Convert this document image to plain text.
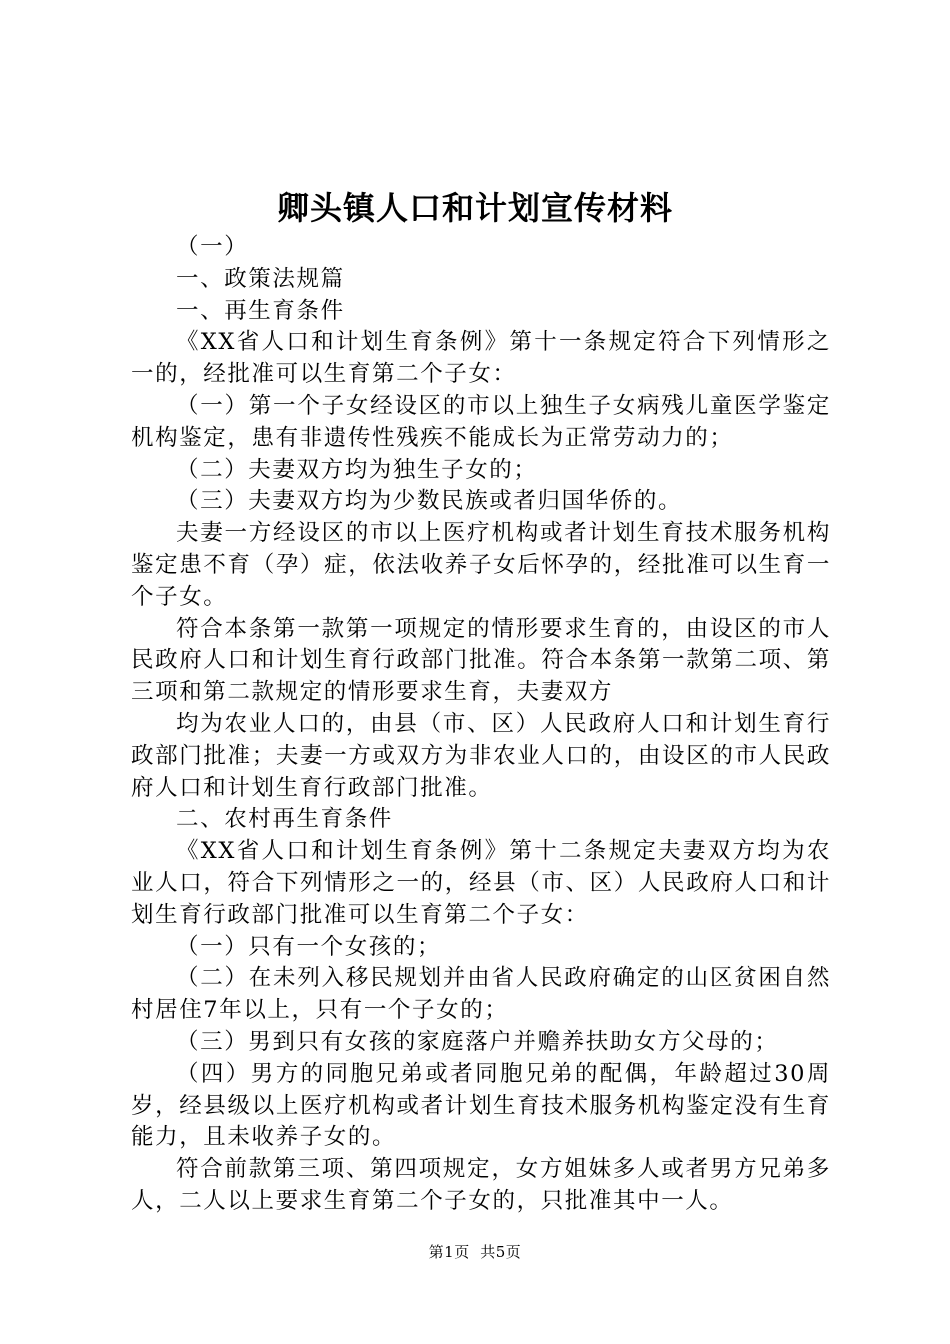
卿头镇人口和计划宣传材料

（一）

一、政策法规篇

一、再生育条件

《XX省人口和计划生育条例》第十一条规定符合下列情形之一的，经批准可以生育第二个子女：

（一）第一个子女经设区的市以上独生子女病残儿童医学鉴定机构鉴定，患有非遗传性残疾不能成长为正常劳动力的；

（二）夫妻双方均为独生子女的；

（三）夫妻双方均为少数民族或者归国华侨的。

夫妻一方经设区的市以上医疗机构或者计划生育技术服务机构鉴定患不育（孕）症，依法收养子女后怀孕的，经批准可以生育一个子女。

符合本条第一款第一项规定的情形要求生育的，由设区的市人民政府人口和计划生育行政部门批准。符合本条第一款第二项、第三项和第二款规定的情形要求生育，夫妻双方

均为农业人口的，由县（市、区）人民政府人口和计划生育行政部门批准；夫妻一方或双方为非农业人口的，由设区的市人民政府人口和计划生育行政部门批准。

二、农村再生育条件

《XX省人口和计划生育条例》第十二条规定夫妻双方均为农业人口，符合下列情形之一的，经县（市、区）人民政府人口和计划生育行政部门批准可以生育第二个子女：

（一）只有一个女孩的；

（二）在未列入移民规划并由省人民政府确定的山区贫困自然村居住7年以上，只有一个子女的；

（三）男到只有女孩的家庭落户并赡养扶助女方父母的；

（四）男方的同胞兄弟或者同胞兄弟的配偶，年龄超过30周岁，经县级以上医疗机构或者计划生育技术服务机构鉴定没有生育能力，且未收养子女的。

符合前款第三项、第四项规定，女方姐妹多人或者男方兄弟多人，二人以上要求生育第二个子女的，只批准其中一人。

第1页 共5页
